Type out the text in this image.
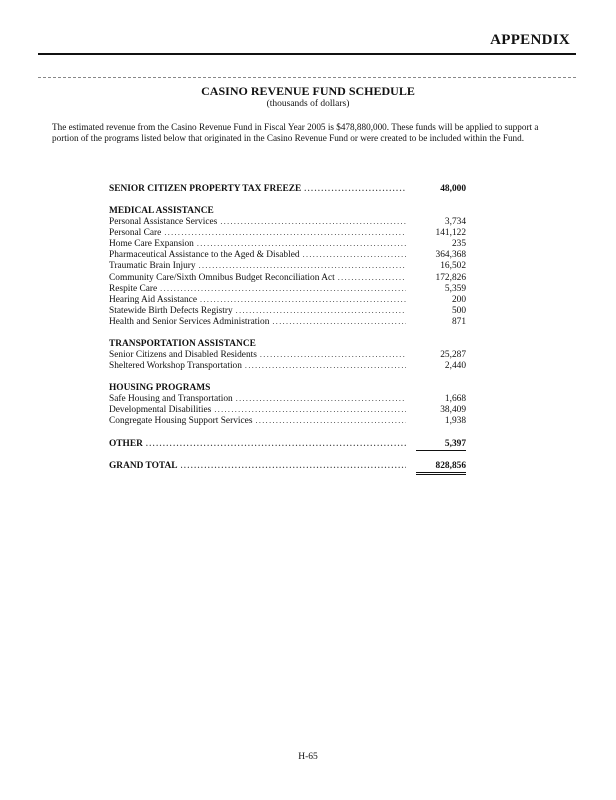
APPENDIX
CASINO REVENUE FUND SCHEDULE
(thousands of dollars)

The estimated revenue from the Casino Revenue Fund in Fiscal Year 2005 is $478,880,000. These funds will be applied to support a portion of the programs listed below that originated in the Casino Revenue Fund or were created to be included within the Fund.

SENIOR CITIZEN PROPERTY TAX FREEZE .....	48,000
MEDICAL ASSISTANCE
Personal Assistance Services .....	3,734
Personal Care .....	141,122
Home Care Expansion .....	235
Pharmaceutical Assistance to the Aged & Disabled .....	364,368
Traumatic Brain Injury .....	16,502
Community Care/Sixth Omnibus Budget Reconciliation Act .....	172,826
Respite Care .....	5,359
Hearing Aid Assistance .....	200
Statewide Birth Defects Registry .....	500
Health and Senior Services Administration .....	871
TRANSPORTATION ASSISTANCE
Senior Citizens and Disabled Residents .....	25,287
Sheltered Workshop Transportation .....	2,440
HOUSING PROGRAMS
Safe Housing and Transportation .....	1,668
Developmental Disabilities .....	38,409
Congregate Housing Support Services .....	1,938
OTHER .....	5,397
GRAND TOTAL .....	828,856
H-65
